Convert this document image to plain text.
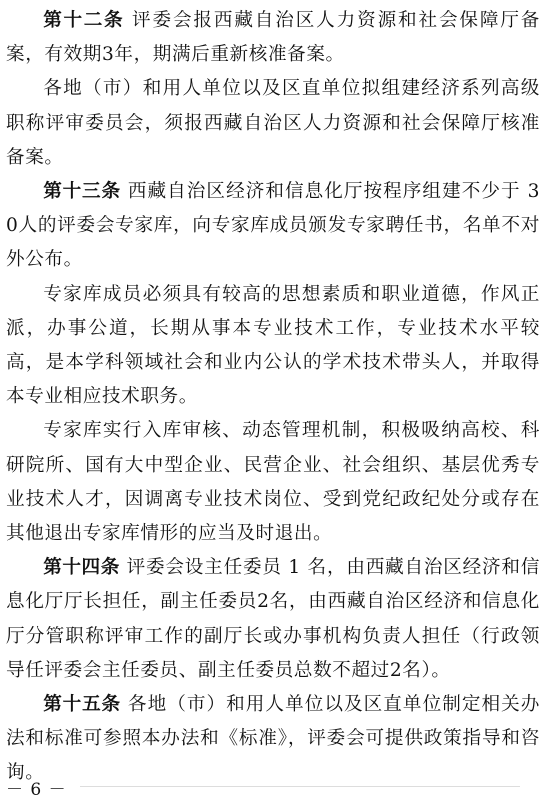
第十二条 评委会报西藏自治区人力资源和社会保障厅备案，有效期3年，期满后重新核准备案。

各地（市）和用人单位以及区直单位拟组建经济系列高级职称评审委员会，须报西藏自治区人力资源和社会保障厅核准备案。

第十三条 西藏自治区经济和信息化厅按程序组建不少于 30人的评委会专家库，向专家库成员颁发专家聘任书，名单不对外公布。

专家库成员必须具有较高的思想素质和职业道德，作风正派，办事公道，长期从事本专业技术工作，专业技术水平较高，是本学科领域社会和业内公认的学术技术带头人，并取得本专业相应技术职务。

专家库实行入库审核、动态管理机制，积极吸纳高校、科研院所、国有大中型企业、民营企业、社会组织、基层优秀专业技术人才，因调离专业技术岗位、受到党纪政纪处分或存在其他退出专家库情形的应当及时退出。

第十四条 评委会设主任委员 1 名，由西藏自治区经济和信息化厅厅长担任，副主任委员2名，由西藏自治区经济和信息化厅分管职称评审工作的副厅长或办事机构负责人担任（行政领导任评委会主任委员、副主任委员总数不超过2名）。

第十五条 各地（市）和用人单位以及区直单位制定相关办法和标准可参照本办法和《标准》，评委会可提供政策指导和咨询。

－ 6 －
